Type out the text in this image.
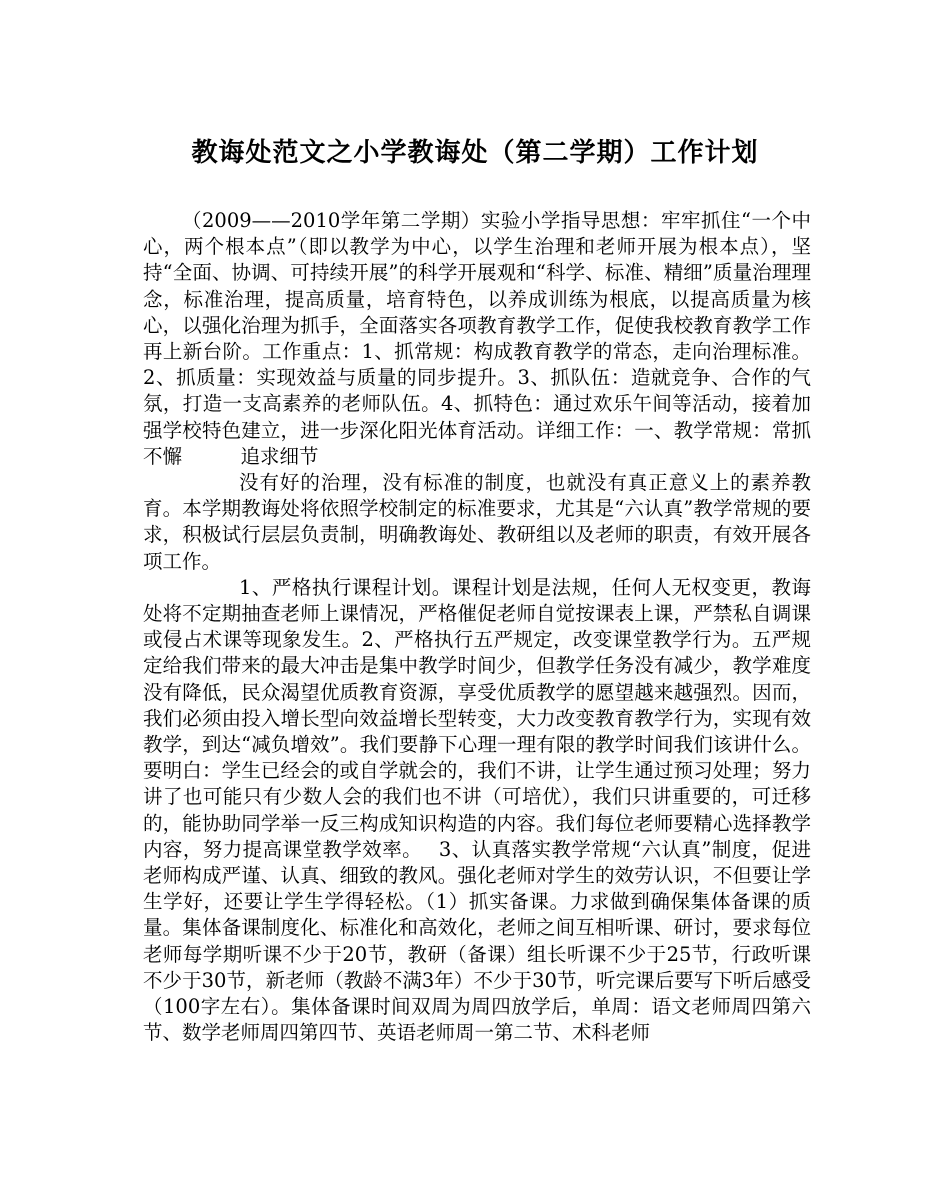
教诲处范文之小学教诲处（第二学期）工作计划

（2009——2010学年第二学期）实验小学指导思想：牢牢抓住“一个中心，两个根本点”（即以教学为中心，以学生治理和老师开展为根本点），坚持“全面、协调、可持续开展”的科学开展观和“科学、标准、精细”质量治理理念，标准治理，提高质量，培育特色，以养成训练为根底，以提高质量为核心，以强化治理为抓手，全面落实各项教育教学工作，促使我校教育教学工作再上新台阶。工作重点：1、抓常规：构成教育教学的常态，走向治理标准。2、抓质量：实现效益与质量的同步提升。3、抓队伍：造就竞争、合作的气氛，打造一支高素养的老师队伍。4、抓特色：通过欢乐午间等活动，接着加强学校特色建立，进一步深化阳光体育活动。详细工作：一、教学常规：常抓不懈　　　追求细节

没有好的治理，没有标准的制度，也就没有真正意义上的素养教育。本学期教诲处将依照学校制定的标准要求，尤其是“六认真”教学常规的要求，积极试行层层负责制，明确教诲处、教研组以及老师的职责，有效开展各项工作。

1、严格执行课程计划。课程计划是法规，任何人无权变更，教诲处将不定期抽查老师上课情况，严格催促老师自觉按课表上课，严禁私自调课或侵占术课等现象发生。2、严格执行五严规定，改变课堂教学行为。五严规定给我们带来的最大冲击是集中教学时间少，但教学任务没有减少，教学难度没有降低，民众渴望优质教育资源，享受优质教学的愿望越来越强烈。因而，我们必须由投入增长型向效益增长型转变，大力改变教育教学行为，实现有效教学，到达“减负增效”。我们要静下心理一理有限的教学时间我们该讲什么。要明白：学生已经会的或自学就会的，我们不讲，让学生通过预习处理；努力讲了也可能只有少数人会的我们也不讲（可培优），我们只讲重要的，可迁移的，能协助同学举一反三构成知识构造的内容。我们每位老师要精心选择教学内容，努力提高课堂教学效率。　 3、认真落实教学常规“六认真”制度，促进老师构成严谨、认真、细致的教风。强化老师对学生的效劳认识，不但要让学生学好，还要让学生学得轻松。（1）抓实备课。力求做到确保集体备课的质量。集体备课制度化、标准化和高效化，老师之间互相听课、研讨，要求每位老师每学期听课不少于20节，教研（备课）组长听课不少于25节，行政听课不少于30节，新老师（教龄不满3年）不少于30节，听完课后要写下听后感受（100字左右）。集体备课时间双周为周四放学后，单周：语文老师周四第六节、数学老师周四第四节、英语老师周一第二节、术科老师
